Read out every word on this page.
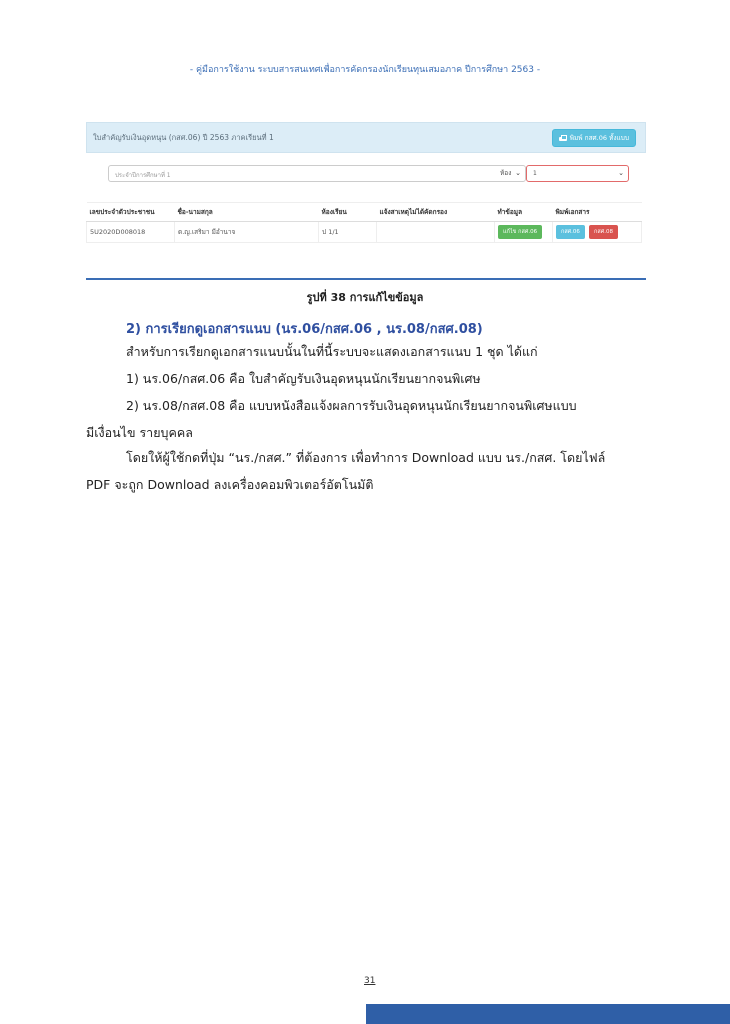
- คู่มือการใช้งาน ระบบสารสนเทศเพื่อการคัดกรองนักเรียนทุนเสมอภาค ปีการศึกษา 2563 -
ใบสำคัญรับเงินอุดหนุน (กสศ.06) ปี 2563 ภาคเรียนที่ 1	พิมพ์ กสศ.06 ทั้งแบบ
ประจำปีการศึกษาที่ 1	⌄
ห้อง	1	⌄
เลขประจำตัวประชาชน	ชื่อ-นามสกุล	ห้องเรียน	แจ้งสาเหตุไม่ได้คัดกรอง	ทำข้อมูล	พิมพ์เอกสาร
5U2020D008018	ด.ญ.เสริมา มีอำนาจ	ป 1/1		แก้ไข กสศ.06	กสศ.06 กสศ.08
รูปที่ 38 การแก้ไขข้อมูล
2) การเรียกดูเอกสารแนบ (นร.06/กสศ.06 , นร.08/กสศ.08)
สำหรับการเรียกดูเอกสารแนบนั้นในที่นี้ระบบจะแสดงเอกสารแนบ 1 ชุด ได้แก่
1) นร.06/กสศ.06 คือ ใบสำคัญรับเงินอุดหนุนนักเรียนยากจนพิเศษ
2) นร.08/กสศ.08 คือ แบบหนังสือแจ้งผลการรับเงินอุดหนุนนักเรียนยากจนพิเศษแบบ
มีเงื่อนไข รายบุคคล
โดยให้ผู้ใช้กดที่ปุ่ม “นร./กสศ.” ที่ต้องการ เพื่อทำการ Download แบบ นร./กสศ. โดยไฟล์
PDF จะถูก Download ลงเครื่องคอมพิวเตอร์อัตโนมัติ
31
